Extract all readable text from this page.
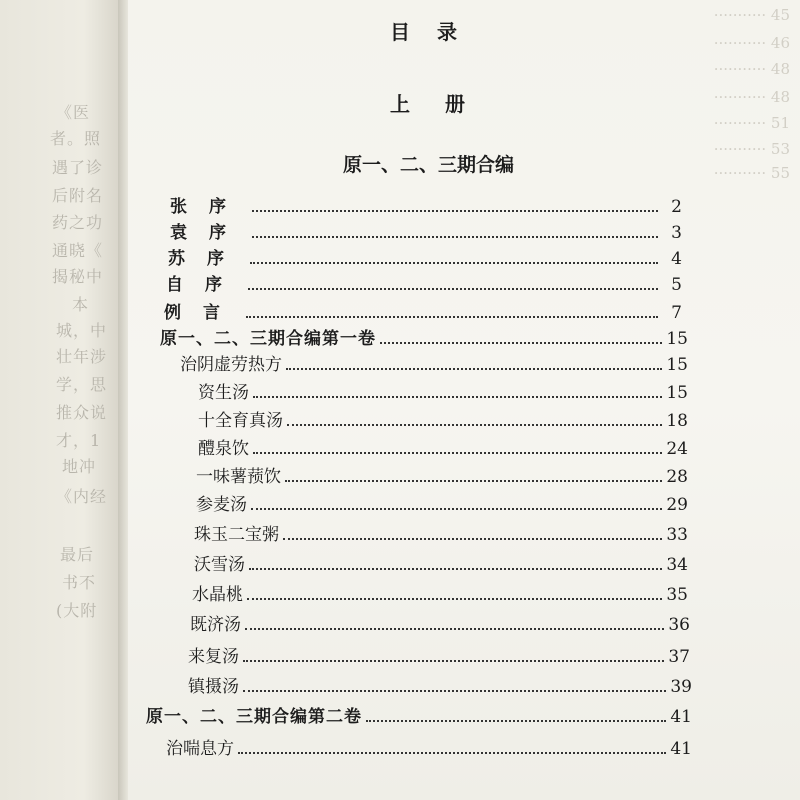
《医
者。照
遇了诊
后附名
药之功
通晓《
揭秘中
本
城，中
壮年涉
学，思
推众说
才，1
地冲
《内经
最后
书不
(大附
··········· 45
··········· 46
··········· 48
··········· 48
··········· 51
··········· 53
··········· 55
目 录
上 册
原一、二、三期合编
张序	2
袁序	3
苏序	4
自序	5
例言	7
原一、二、三期合编第一卷	15
治阴虚劳热方	15
资生汤	15
十全育真汤	18
醴泉饮	24
一味薯蓣饮	28
参麦汤	29
珠玉二宝粥	33
沃雪汤	34
水晶桃	35
既济汤	36
来复汤	37
镇摄汤	39
原一、二、三期合编第二卷	41
治喘息方	41
